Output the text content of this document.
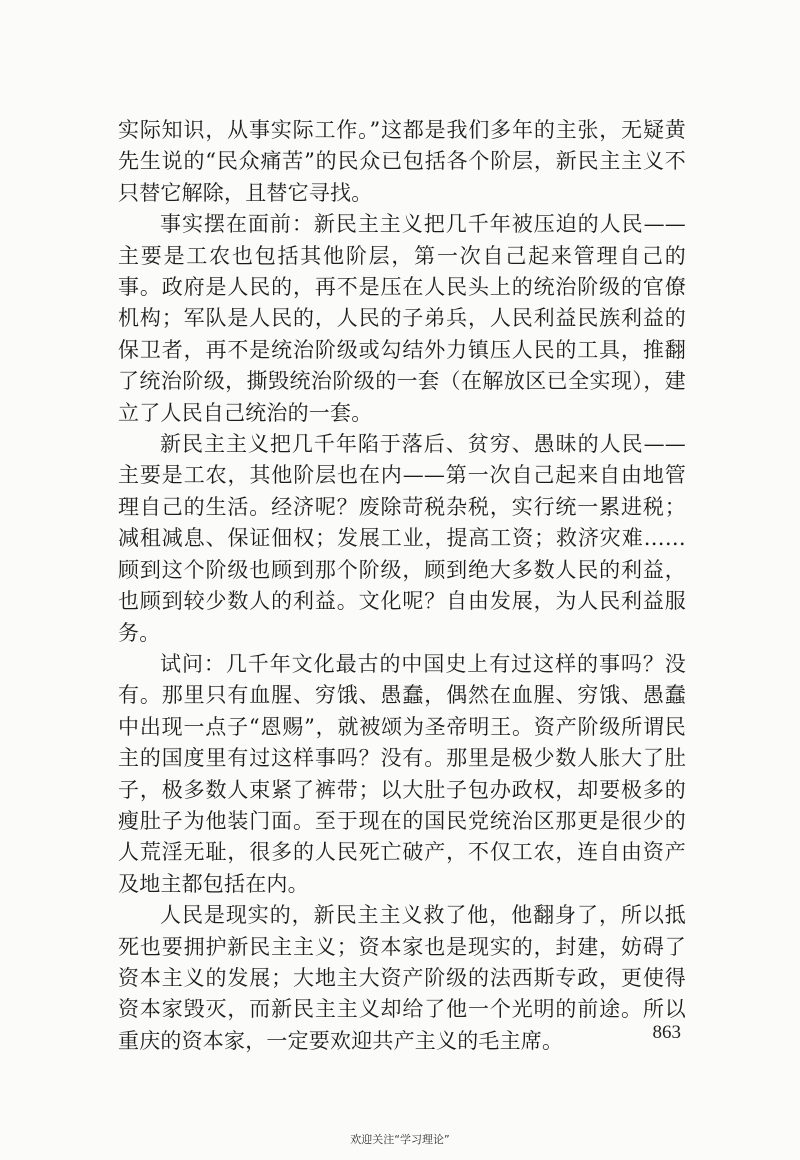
实际知识，从事实际工作。”这都是我们多年的主张，无疑黄先生说的“民众痛苦”的民众已包括各个阶层，新民主主义不只替它解除，且替它寻找。

事实摆在面前：新民主主义把几千年被压迫的人民——主要是工农也包括其他阶层，第一次自己起来管理自己的事。政府是人民的，再不是压在人民头上的统治阶级的官僚机构；军队是人民的，人民的子弟兵，人民利益民族利益的保卫者，再不是统治阶级或勾结外力镇压人民的工具，推翻了统治阶级，撕毁统治阶级的一套（在解放区已全实现），建立了人民自己统治的一套。

新民主主义把几千年陷于落后、贫穷、愚昧的人民——主要是工农，其他阶层也在内——第一次自己起来自由地管理自己的生活。经济呢？废除苛税杂税，实行统一累进税；减租减息、保证佃权；发展工业，提高工资；救济灾难……顾到这个阶级也顾到那个阶级，顾到绝大多数人民的利益，也顾到较少数人的利益。文化呢？自由发展，为人民利益服务。

试问：几千年文化最古的中国史上有过这样的事吗？没有。那里只有血腥、穷饿、愚蠢，偶然在血腥、穷饿、愚蠢中出现一点子“恩赐”，就被颂为圣帝明王。资产阶级所谓民主的国度里有过这样事吗？没有。那里是极少数人胀大了肚子，极多数人束紧了裤带；以大肚子包办政权，却要极多的瘦肚子为他装门面。至于现在的国民党统治区那更是很少的人荒淫无耻，很多的人民死亡破产，不仅工农，连自由资产及地主都包括在内。

人民是现实的，新民主主义救了他，他翻身了，所以抵死也要拥护新民主主义；资本家也是现实的，封建，妨碍了资本主义的发展；大地主大资产阶级的法西斯专政，更使得资本家毁灭，而新民主主义却给了他一个光明的前途。所以重庆的资本家，一定要欢迎共产主义的毛主席。	863
欢迎关注“学习理论”
